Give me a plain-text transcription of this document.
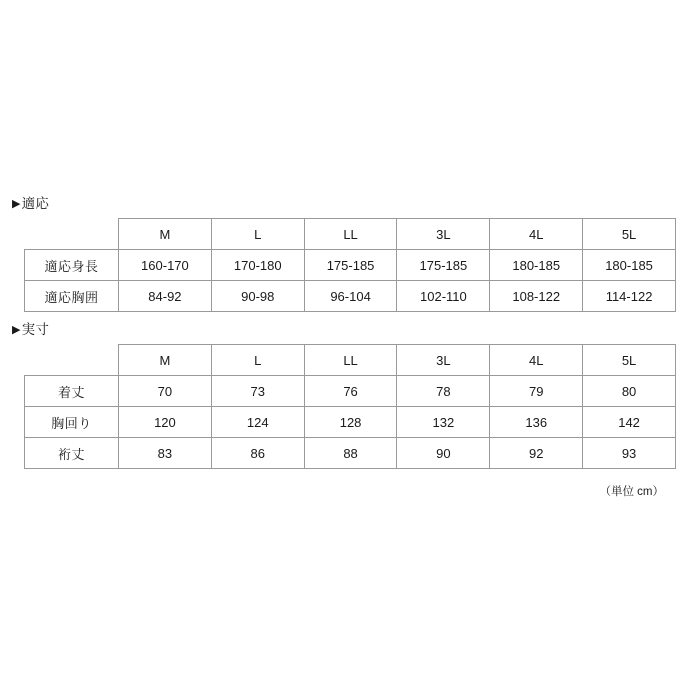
▶適応
	M	L	LL	3L	4L	5L
適応身長	160-170	170-180	175-185	175-185	180-185	180-185
適応胸囲	84-92	90-98	96-104	102-110	108-122	114-122
▶実寸
	M	L	LL	3L	4L	5L
着丈	70	73	76	78	79	80
胸回り	120	124	128	132	136	142
裄丈	83	86	88	90	92	93
（単位 cm）
